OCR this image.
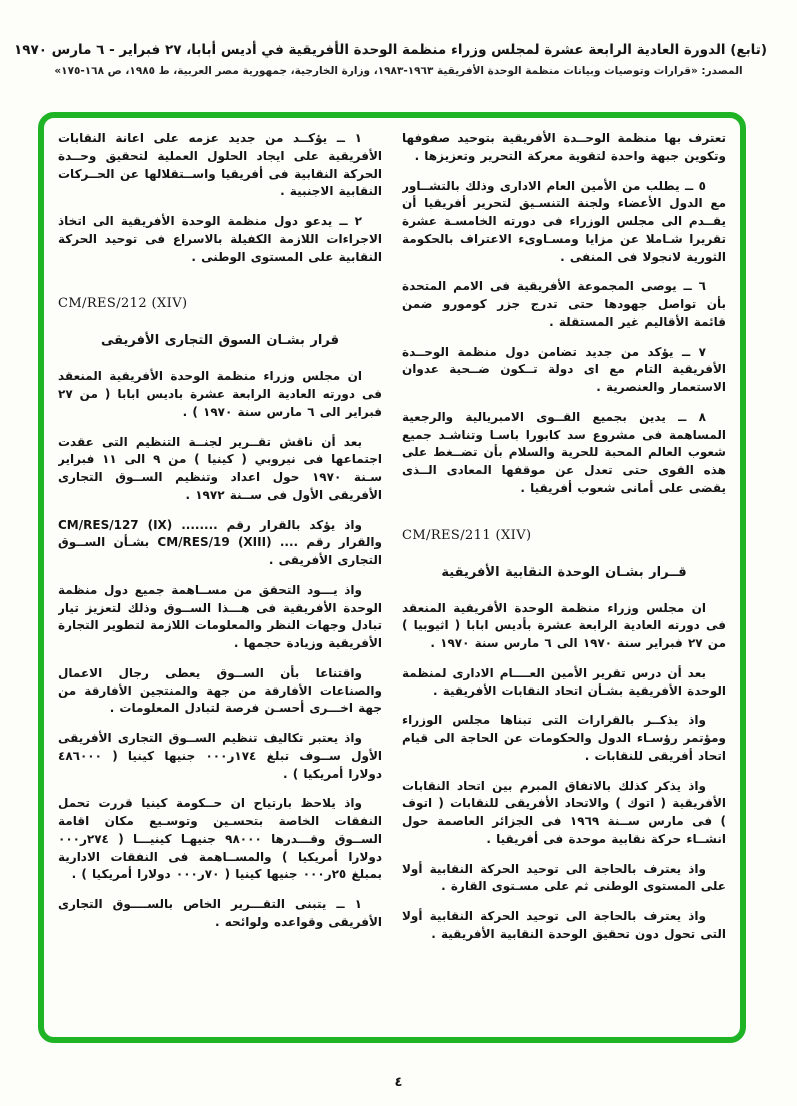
(تابع) الدورة العادية الرابعة عشرة لمجلس وزراء منظمة الوحدة الأفريقية في أديس أبابا، ٢٧ فبراير - ٦ مارس ١٩٧٠
المصدر: «قرارات وتوصيات وبيانات منظمة الوحدة الأفريقية ١٩٦٣-١٩٨٣، وزارة الخارجية، جمهورية مصر العربية، ط ١٩٨٥، ص ١٦٨-١٧٥»

تعترف بها منظمة الوحــدة الأفريقية بتوحيد صفوفها وتكوين جبهة واحدة لتقوية معركة التحرير وتعزيزها .

٥ ــ يطلب من الأمين العام الادارى وذلك بالتشــاور مع الدول الأعضاء ولجنة التنسـيق لتحرير أفريقيا أن يقــدم الى مجلس الوزراء فى دورته الخامسـة عشرة تقريرا شـاملا عن مزايا ومسـاوىء الاعتراف بالحكومة الثورية لانجولا فى المنفى .

٦ ــ يوصى المجموعة الأفريقية فى الامم المتحدة بأن تواصل جهودها حتى تدرج جزر كومورو ضمن قائمة الأقاليم غير المستقلة .

٧ ــ يؤكد من جديد تضامن دول منظمة الوحــدة الأفريقية التام مع اى دولة تــكون ضــحية عدوان الاستعمار والعنصرية .

٨ ــ يدين بجميع القــوى الامبريالية والرجعية المساهمة فى مشروع سد كابورا باسـا وتناشـد جميع شعوب العالم المحبة للحرية والسلام بأن تضــغط على هذه القوى حتى تعدل عن موقفها المعادى الــذى يقضى على أمانى شعوب أفريقيا .

CM/RES/211 (XIV)

قــرار بشـان الوحدة النقابية الأفريقية

ان مجلس وزراء منظمة الوحدة الأفريقية المنعقد فى دورته العادية الرابعة عشرة بأديس ابابا ( اثيوبيا ) من ٢٧ فبراير سنة ١٩٧٠ الى ٦ مارس سنة ١٩٧٠ .

بعد أن درس تقرير الأمين العــــام الادارى لمنظمة الوحدة الأفريقية بشـأن اتحاد النقابات الأفريقية .

واذ يذكــر بالقرارات التى تبناها مجلس الوزراء ومؤتمر رؤسـاء الدول والحكومات عن الحاجة الى قيام اتحاد أفريقى للنقابات .

واذ يذكر كذلك بالاتفاق المبرم بين اتحاد النقابات الأفريقية ( اتوك ) والاتحاد الأفريقى للنقابات ( اتوف ) فى مارس ســنة ١٩٦٩ فى الجزائر العاصمة حول انشــاء حركة نقابية موحدة فى أفريقيا .

واذ يعترف بالحاجة الى توحيد الحركة النقابية أولا على المستوى الوطنى ثم على مسـتوى القارة .

واذ يعترف بالحاجة الى توحيد الحركة النقابية أولا التى تحول دون تحقيق الوحدة النقابية الأفريقية .

١ ــ يؤكــد من جديد عزمه على اعانة النقابات الأفريقية على ايجاد الحلول العملية لتحقيق وحــدة الحركة النقابية فى أفريقيا واســتقلالها عن الحــركات النقابية الاجنبية .

٢ ــ يدعو دول منظمة الوحدة الأفريقية الى اتخاذ الاجراءات اللازمة الكفيلة بالاسراع فى توحيد الحركة النقابية على المستوى الوطنى .

CM/RES/212 (XIV)

قرار بشـان السوق التجارى الأفريقى

ان مجلس وزراء منظمة الوحدة الأفريقية المنعقد فى دورته العادية الرابعة عشرة باديس ابابا ( من ٢٧ فبراير الى ٦ مارس سنة ١٩٧٠ ) .

بعد أن ناقش تقــرير لجنــة التنظيم التى عقدت اجتماعها فى نيروبي ( كينيا ) من ٩ الى ١١ فبراير سـنة ١٩٧٠ حول اعداد وتنظيم الســوق التجارى الأفريقى الأول فى ســنة ١٩٧٢ .

واذ يؤكد بالقرار رقم ........ CM/RES/127 (IX) والقرار رقم .... CM/RES/19 (XIII) بشـأن الســوق التجارى الأفريقى .

واذ يـــود التحقق من مســاهمة جميع دول منظمة الوحدة الأفريقية فى هـــذا الســوق وذلك لتعزيز تيار تبادل وجهات النظر والمعلومات اللازمة لتطوير التجارة الأفريقية وزيادة حجمها .

واقتناعا بأن الســوق يعطى رجال الاعمال والصناعات الأفارقة من جهة والمنتجين الأفارقة من جهة اخـــرى أحسـن فرصة لتبادل المعلومات .

واذ يعتبر تكاليف تنظيم الســوق التجارى الأفريقى الأول ســوف تبلغ ١٧٤ر٠٠٠ جنيها كينيا ( ٤٨٦٠٠٠ دولارا أمريكيا ) .

واذ يلاحظ بارتياح ان حــكومة كينيا قررت تحمل النفقات الخاصة بتحسـين وتوسـيع مكان اقامة الســوق وقـــدرها ٩٨٠٠٠ جنيهـا كينيـــا ( ٢٧٤ر٠٠٠ دولارا أمريكيا ) والمســاهمة فى النفقات الادارية بمبلغ ٢٥ر٠٠٠ جنيها كينيا ( ٧٠ر٠٠٠ دولارا أمريكيا ) .

١ ــ يتبنى التقـــرير الخاص بالســــوق التجارى الأفريقى وقواعده ولوائحه .

٤
